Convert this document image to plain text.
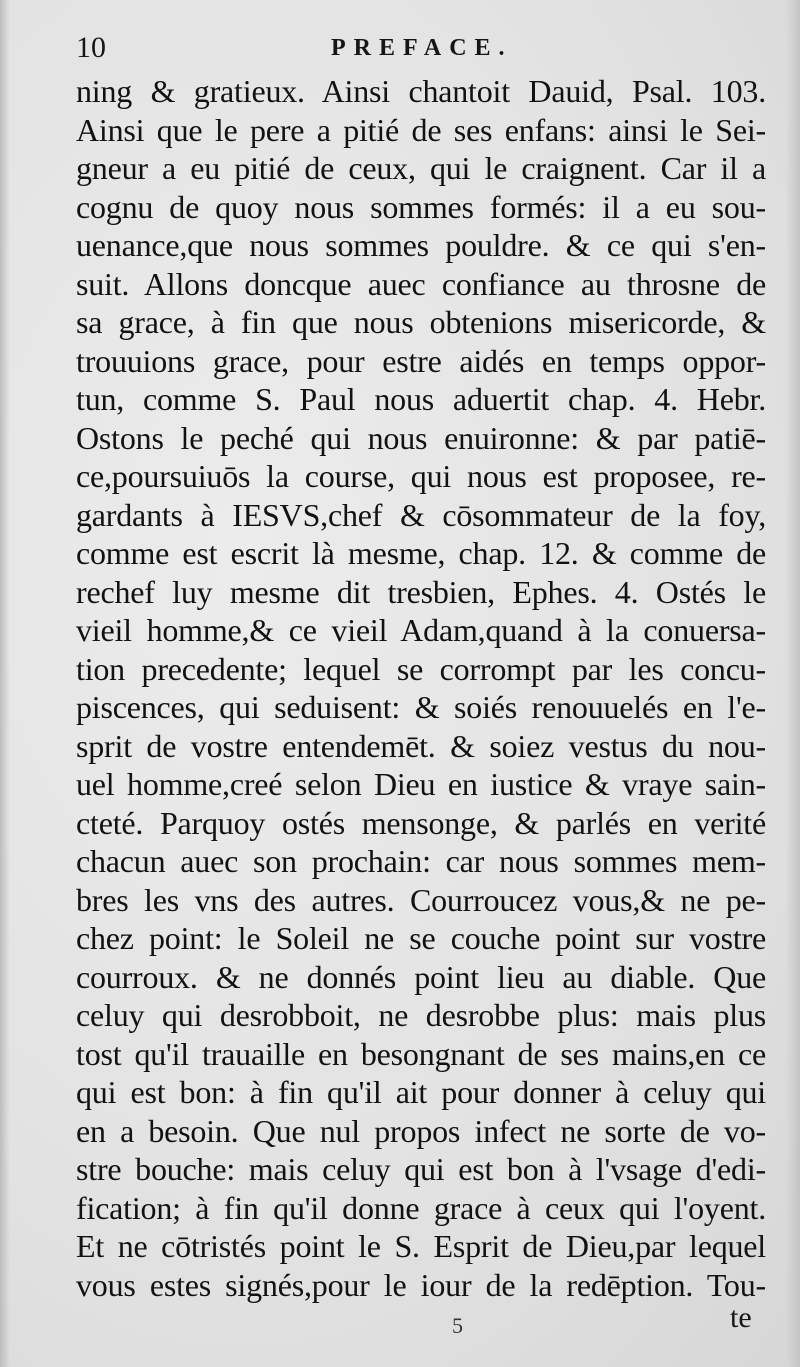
10	PREFACE.
ning & gratieux. Ainsi chantoit Dauid, Psal. 103.
Ainsi que le pere a pitié de ses enfans: ainsi le Sei-
gneur a eu pitié de ceux, qui le craignent. Car il a
cognu de quoy nous sommes formés: il a eu sou-
uenance,que nous sommes pouldre. & ce qui s'en-
suit. Allons doncque auec confiance au throsne de
sa grace, à fin que nous obtenions misericorde, &
trouuions grace, pour estre aidés en temps oppor-
tun, comme S. Paul nous aduertit chap. 4. Hebr.
Ostons le peché qui nous enuironne: & par patiē-
ce,poursuiuōs la course, qui nous est proposee, re-
gardants à IESVS,chef & cōsommateur de la foy,
comme est escrit là mesme, chap. 12. & comme de
rechef luy mesme dit tresbien, Ephes. 4. Ostés le
vieil homme,& ce vieil Adam,quand à la conuersa-
tion precedente; lequel se corrompt par les concu-
piscences, qui seduisent: & soiés renouuelés en l'e-
sprit de vostre entendemēt. & soiez vestus du nou-
uel homme,creé selon Dieu en iustice & vraye sain-
cteté. Parquoy ostés mensonge, & parlés en verité
chacun auec son prochain: car nous sommes mem-
bres les vns des autres. Courroucez vous,& ne pe-
chez point: le Soleil ne se couche point sur vostre
courroux. & ne donnés point lieu au diable. Que
celuy qui desrobboit, ne desrobbe plus: mais plus
tost qu'il trauaille en besongnant de ses mains,en ce
qui est bon: à fin qu'il ait pour donner à celuy qui
en a besoin. Que nul propos infect ne sorte de vo-
stre bouche: mais celuy qui est bon à l'vsage d'edi-
fication; à fin qu'il donne grace à ceux qui l'oyent.
Et ne cōtristés point le S. Esprit de Dieu,par lequel
vous estes signés,pour le iour de la redēption. Tou-
5	te
